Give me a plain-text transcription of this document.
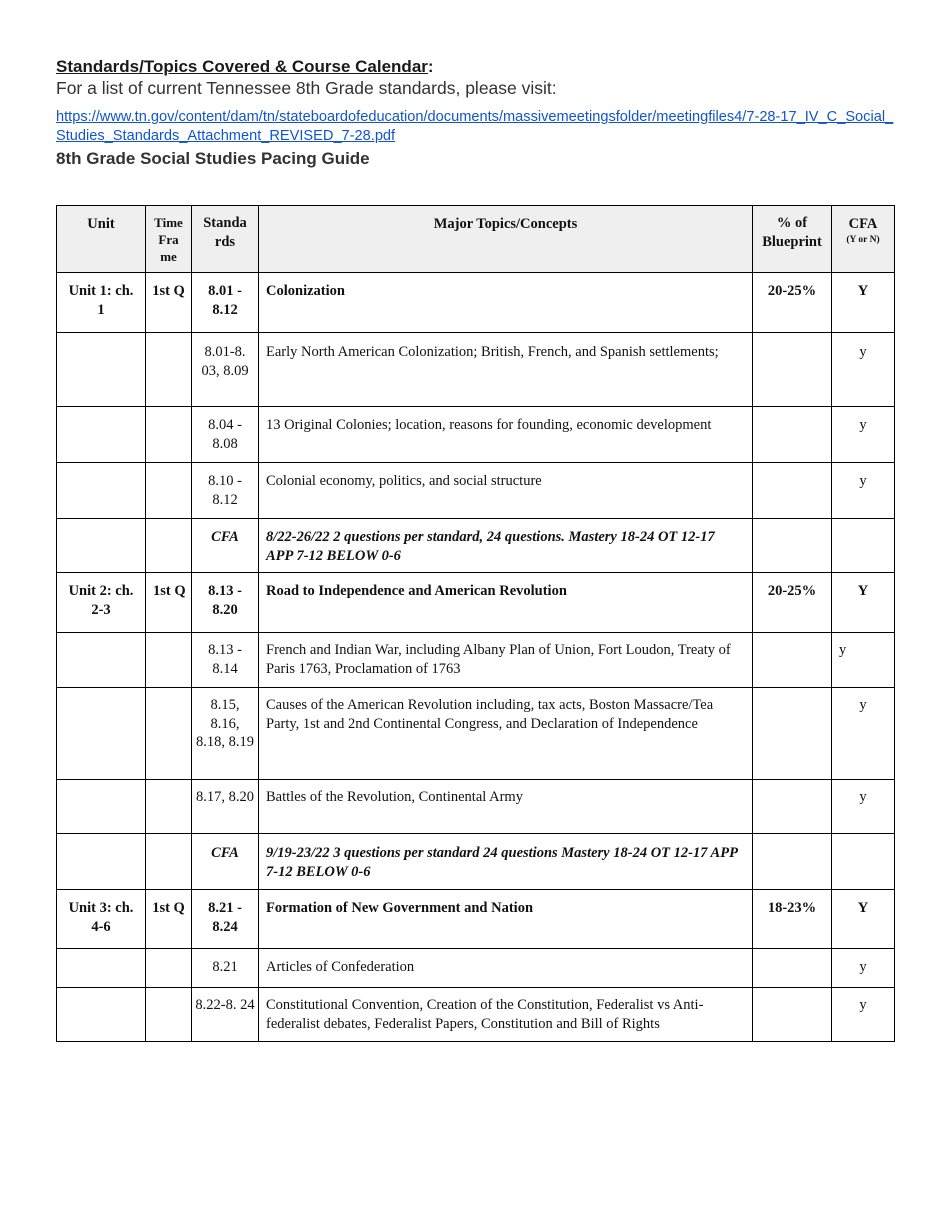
Standards/Topics Covered & Course Calendar:
For a list of current Tennessee 8th Grade standards, please visit:
https://www.tn.gov/content/dam/tn/stateboardofeducation/documents/massivemeetingsfolder/meetingfiles4/7-28-17_IV_C_Social_Studies_Standards_Attachment_REVISED_7-28.pdf
8th Grade Social Studies Pacing Guide
Unit	Time Fra me	Standa rds	Major Topics/Concepts	% of Blueprint	CFA
(Y or N)

Unit 1: ch. 1	1st Q	8.01 - 8.12	Colonization	20-25%	Y
		8.01-8. 03, 8.09	Early North American Colonization; British, French, and Spanish settlements;		y
		8.04 - 8.08	13 Original Colonies; location, reasons for founding, economic development		y
		8.10 - 8.12	Colonial economy, politics, and social structure		y
		CFA	8/22-26/22 2 questions per standard, 24 questions. Mastery 18-24 OT 12-17 APP 7-12 BELOW 0-6		
Unit 2: ch. 2-3	1st Q	8.13 - 8.20	Road to Independence and American Revolution	20-25%	Y
		8.13 - 8.14	French and Indian War, including Albany Plan of Union, Fort Loudon, Treaty of Paris 1763, Proclamation of 1763		y
		8.15, 8.16, 8.18, 8.19	Causes of the American Revolution including, tax acts, Boston Massacre/Tea Party, 1st and 2nd Continental Congress, and Declaration of Independence		y
		8.17, 8.20	Battles of the Revolution, Continental Army		y
		CFA	9/19-23/22 3 questions per standard 24 questions Mastery 18-24 OT 12-17 APP 7-12 BELOW 0-6		
Unit 3: ch. 4-6	1st Q	8.21 - 8.24	Formation of New Government and Nation	18-23%	Y
		8.21	Articles of Confederation		y
		8.22-8. 24	Constitutional Convention, Creation of the Constitution, Federalist vs Anti-federalist debates, Federalist Papers, Constitution and Bill of Rights		y
